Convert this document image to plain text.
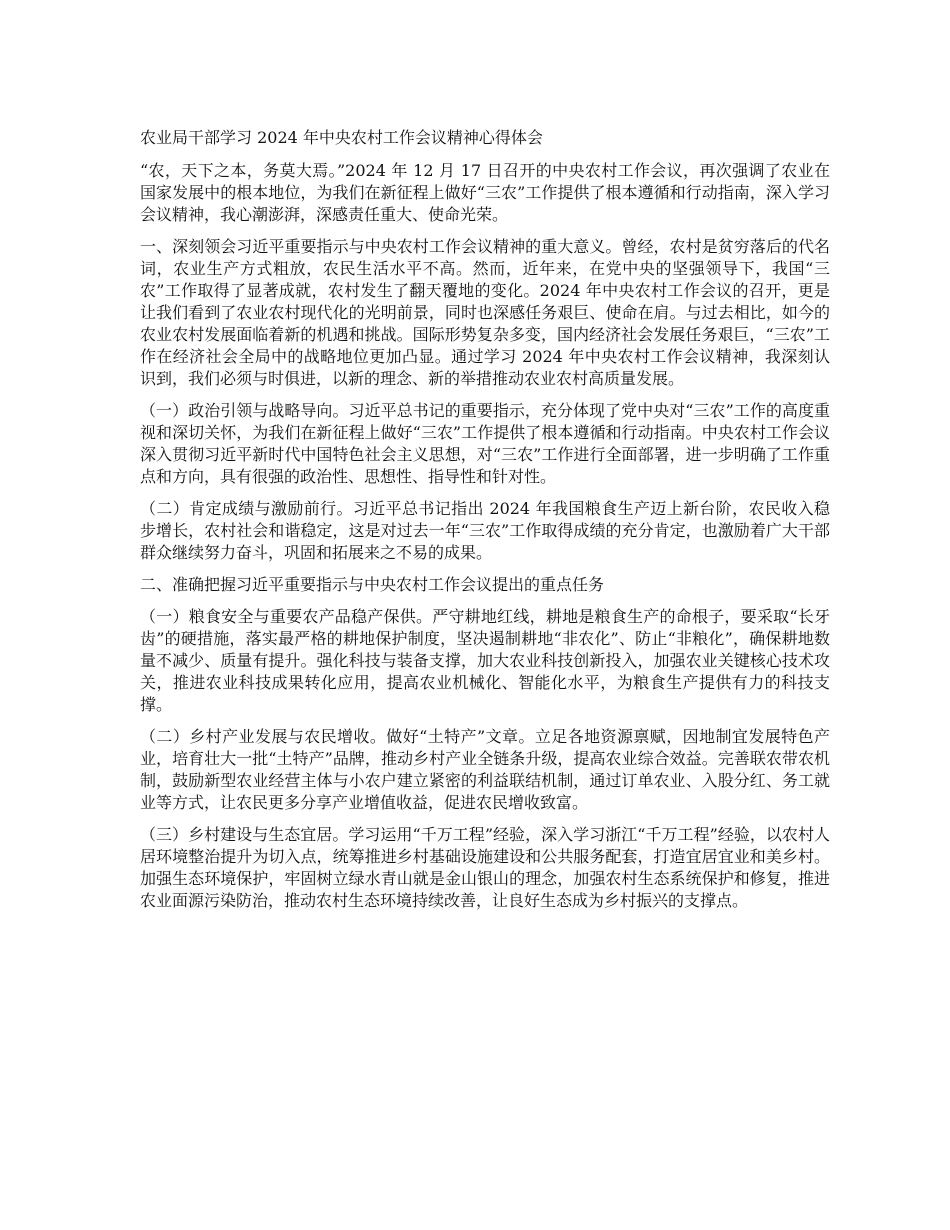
农业局干部学习 2024 年中央农村工作会议精神心得体会

“农，天下之本，务莫大焉。”2024 年 12 月 17 日召开的中央农村工作会议，再次强调了农业在国家发展中的根本地位，为我们在新征程上做好“三农”工作提供了根本遵循和行动指南，深入学习会议精神，我心潮澎湃，深感责任重大、使命光荣。

一、深刻领会习近平重要指示与中央农村工作会议精神的重大意义。曾经，农村是贫穷落后的代名词，农业生产方式粗放，农民生活水平不高。然而，近年来，在党中央的坚强领导下，我国“三农”工作取得了显著成就，农村发生了翻天覆地的变化。2024 年中央农村工作会议的召开，更是让我们看到了农业农村现代化的光明前景，同时也深感任务艰巨、使命在肩。与过去相比，如今的农业农村发展面临着新的机遇和挑战。国际形势复杂多变，国内经济社会发展任务艰巨，“三农”工作在经济社会全局中的战略地位更加凸显。通过学习 2024 年中央农村工作会议精神，我深刻认识到，我们必须与时俱进，以新的理念、新的举措推动农业农村高质量发展。

（一）政治引领与战略导向。习近平总书记的重要指示，充分体现了党中央对“三农”工作的高度重视和深切关怀，为我们在新征程上做好“三农”工作提供了根本遵循和行动指南。中央农村工作会议深入贯彻习近平新时代中国特色社会主义思想，对“三农”工作进行全面部署，进一步明确了工作重点和方向，具有很强的政治性、思想性、指导性和针对性。

（二）肯定成绩与激励前行。习近平总书记指出 2024 年我国粮食生产迈上新台阶，农民收入稳步增长，农村社会和谐稳定，这是对过去一年“三农”工作取得成绩的充分肯定，也激励着广大干部群众继续努力奋斗，巩固和拓展来之不易的成果。

二、准确把握习近平重要指示与中央农村工作会议提出的重点任务

（一）粮食安全与重要农产品稳产保供。严守耕地红线，耕地是粮食生产的命根子，要采取“长牙齿”的硬措施，落实最严格的耕地保护制度，坚决遏制耕地“非农化”、防止“非粮化”，确保耕地数量不减少、质量有提升。强化科技与装备支撑，加大农业科技创新投入，加强农业关键核心技术攻关，推进农业科技成果转化应用，提高农业机械化、智能化水平，为粮食生产提供有力的科技支撑。

（二）乡村产业发展与农民增收。做好“土特产”文章。立足各地资源禀赋，因地制宜发展特色产业，培育壮大一批“土特产”品牌，推动乡村产业全链条升级，提高农业综合效益。完善联农带农机制，鼓励新型农业经营主体与小农户建立紧密的利益联结机制，通过订单农业、入股分红、务工就业等方式，让农民更多分享产业增值收益，促进农民增收致富。

（三）乡村建设与生态宜居。学习运用“千万工程”经验，深入学习浙江“千万工程”经验，以农村人居环境整治提升为切入点，统筹推进乡村基础设施建设和公共服务配套，打造宜居宜业和美乡村。加强生态环境保护，牢固树立绿水青山就是金山银山的理念，加强农村生态系统保护和修复，推进农业面源污染防治，推动农村生态环境持续改善，让良好生态成为乡村振兴的支撑点。
